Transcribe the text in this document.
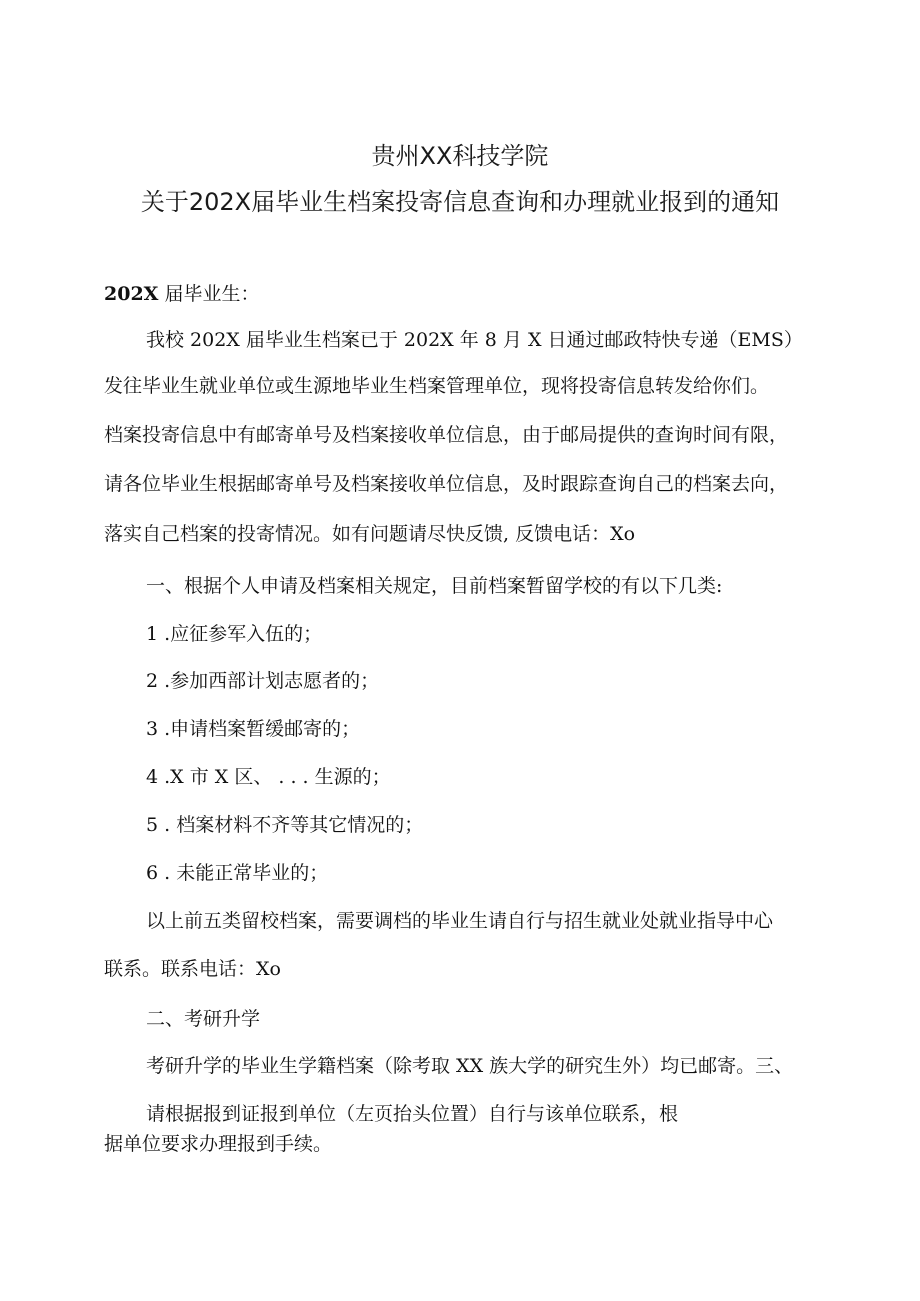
贵州XX科技学院
关于202X届毕业生档案投寄信息查询和办理就业报到的通知
202X 届毕业生：
我校 202X 届毕业生档案已于 202X 年 8 月 X 日通过邮政特快专递（EMS）
发往毕业生就业单位或生源地毕业生档案管理单位，现将投寄信息转发给你们。
档案投寄信息中有邮寄单号及档案接收单位信息，由于邮局提供的查询时间有限，
请各位毕业生根据邮寄单号及档案接收单位信息，及时跟踪查询自己的档案去向，
落实自己档案的投寄情况。如有问题请尽快反馈, 反馈电话：Xo
一、根据个人申请及档案相关规定，目前档案暂留学校的有以下几类:
1 .应征参军入伍的；
2 .参加西部计划志愿者的；
3 .申请档案暂缓邮寄的；
4 .X 市 X 区、 . . . 生源的；
5 . 档案材料不齐等其它情况的；
6 . 未能正常毕业的；
以上前五类留校档案，需要调档的毕业生请自行与招生就业处就业指导中心
联系。联系电话：Xo
二、考研升学
考研升学的毕业生学籍档案（除考取 XX 族大学的研究生外）均已邮寄。三、
请根据报到证报到单位（左页抬头位置）自行与该单位联系，根
据单位要求办理报到手续。
